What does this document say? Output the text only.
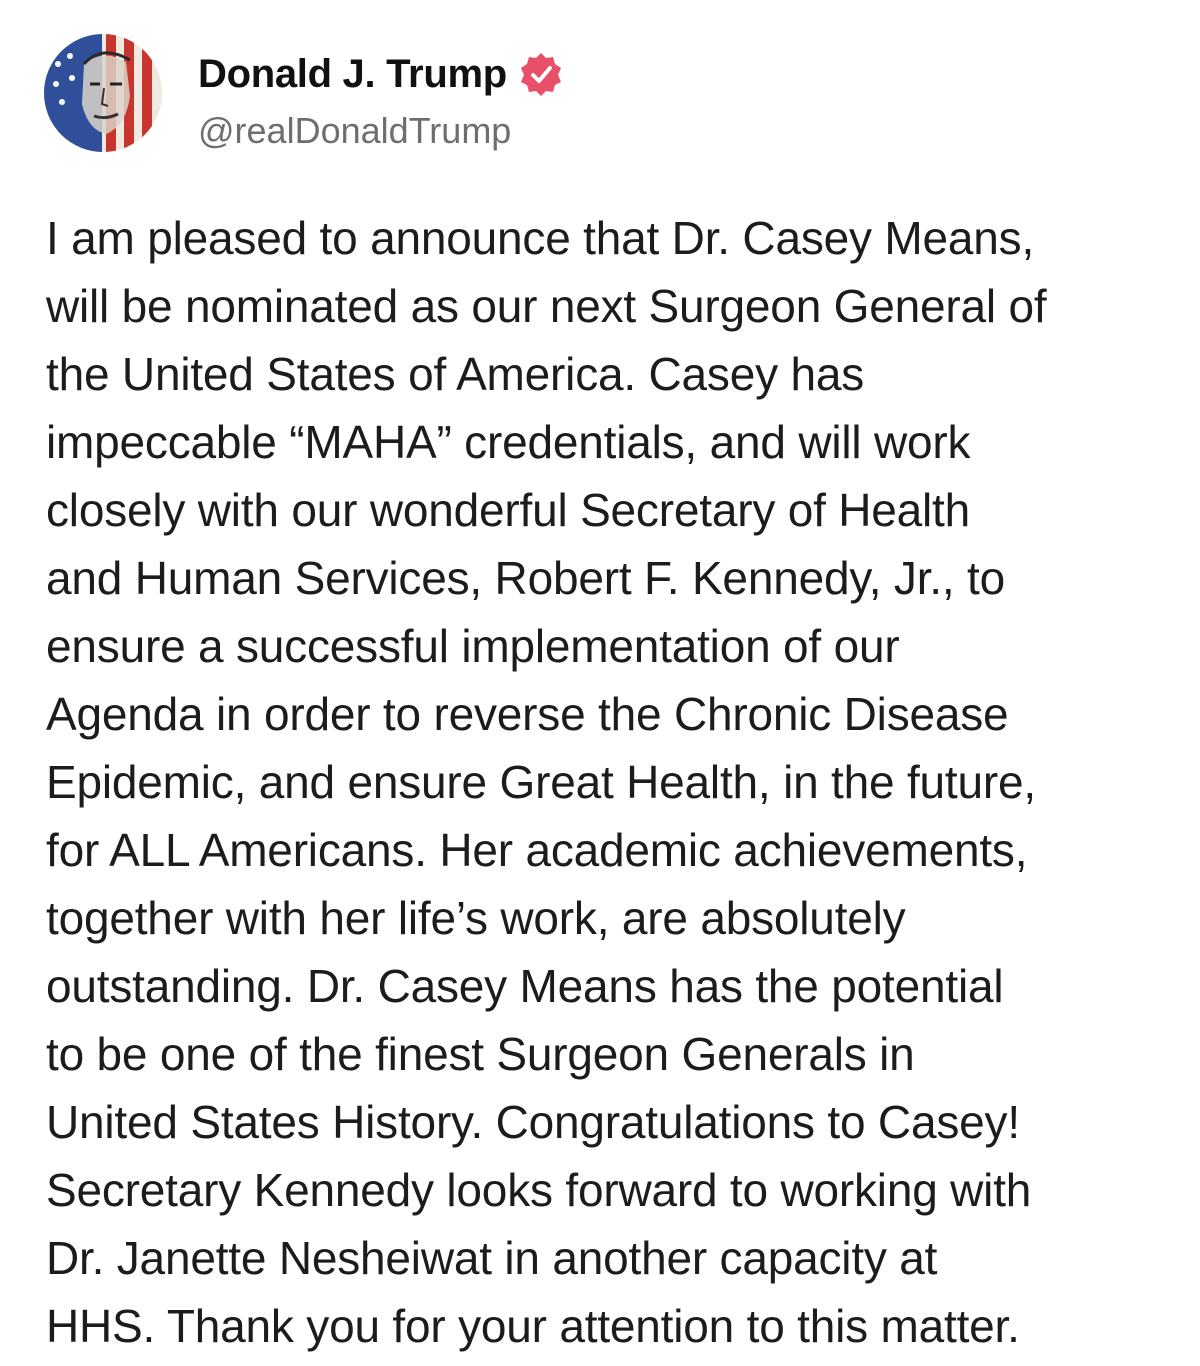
Donald J. Trump
@realDonaldTrump
I am pleased to announce that Dr. Casey Means,
will be nominated as our next Surgeon General of
the United States of America. Casey has
impeccable “MAHA” credentials, and will work
closely with our wonderful Secretary of Health
and Human Services, Robert F. Kennedy, Jr., to
ensure a successful implementation of our
Agenda in order to reverse the Chronic Disease
Epidemic, and ensure Great Health, in the future,
for ALL Americans. Her academic achievements,
together with her life’s work, are absolutely
outstanding. Dr. Casey Means has the potential
to be one of the finest Surgeon Generals in
United States History. Congratulations to Casey!
Secretary Kennedy looks forward to working with
Dr. Janette Nesheiwat in another capacity at
HHS. Thank you for your attention to this matter.
